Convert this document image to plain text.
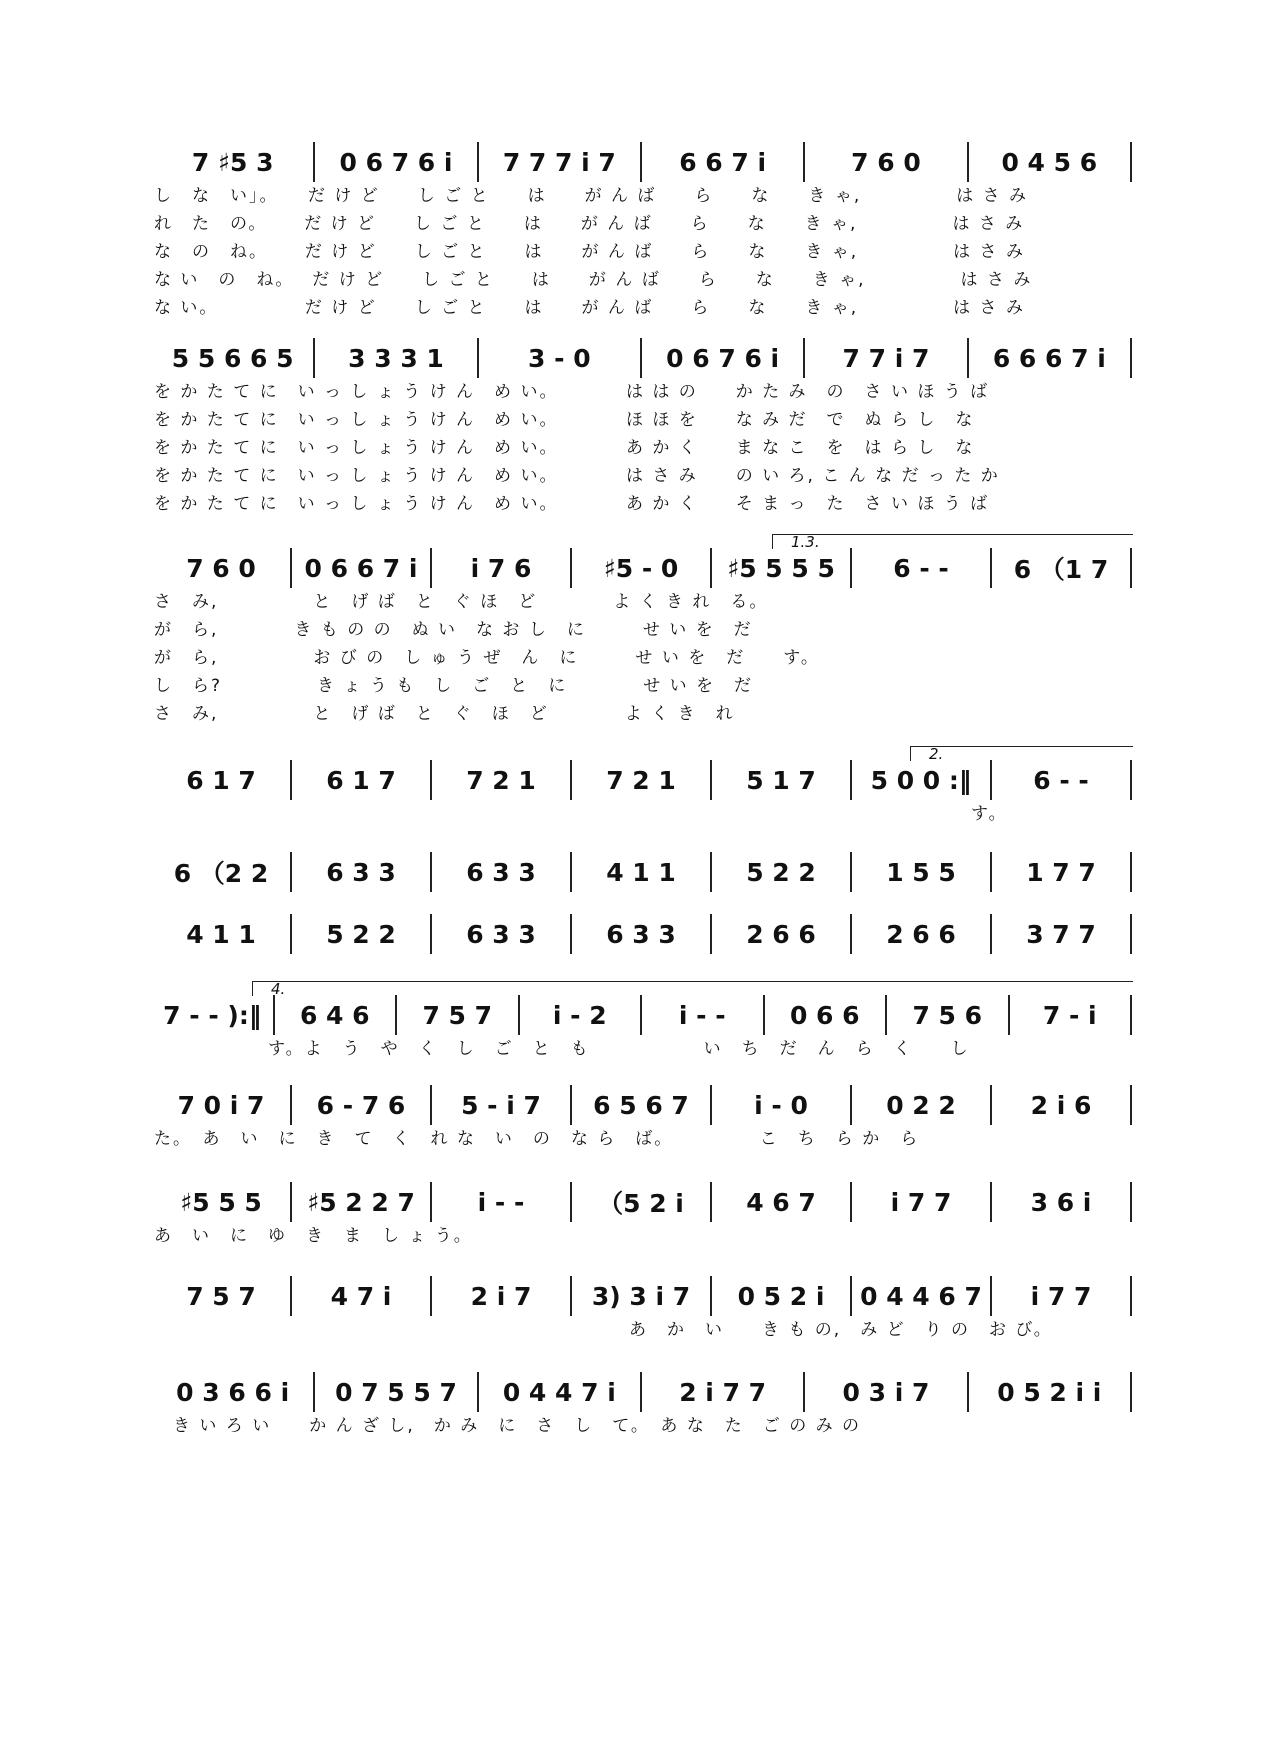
7 ♯5 3	0 6 7 6 i	7 7 7 i 7	6 6 7 i	7 6 0	0 4 5 6
し　な　い」。　　だ け ど　　し ご と　　は　　が ん ば　　ら　　な　　き ゃ,　　　　　は さ み
れ　た　の。　　 だ け ど　　し ご と　　は　　が ん ば　　ら　　な　　き ゃ,　　　　　は さ み
な　の　ね。　　 だ け ど　　し ご と　　は　　が ん ば　　ら　　な　　き ゃ,　　　　　は さ み
な い　の　ね。　 だ け ど　　し ご と　　は　　が ん ば　　ら　　な　　き ゃ,　　　　　は さ み
な い。　　　　　だ け ど　　し ご と　　は　　が ん ば　　ら　　な　　き ゃ,　　　　　は さ み
5 5 6 6 5	3 3 3 1	3 - 0	0 6 7 6 i	7 7 i 7	6 6 6 7 i
を か た て に　い っ し ょ う け ん　め い。　　　　は は の　　か た み　の　さ い ほ う ば
を か た て に　い っ し ょ う け ん　め い。　　　　ほ ほ を　　な み だ　で　ぬ ら し　な
を か た て に　い っ し ょ う け ん　め い。　　　　あ か く　　ま な こ　を　は ら し　な
を か た て に　い っ し ょ う け ん　め い。　　　　は さ み　　の い ろ, こ ん な だ っ た か
を か た て に　い っ し ょ う け ん　め い。　　　　あ か く　　そ ま っ　た　さ い ほ う ば
1.3.
7 6 0	0 6 6 7 i	i 7 6	♯5 - 0	♯5 5 5 5	6 - -	6 （1 7
さ　み,　　　　　と　げ ば　と　ぐ ほ　ど　　　　よ く き れ　る。
が　ら,　　　　き も の の　ぬ い　な お し　に　　　せ い を　だ
が　ら,　　　　　お び の　し ゅ う ぜ　ん　に　　　せ い を　だ　　す。
し　ら?　　　　　き ょ う も　し　ご　と　に　　　　せ い を　だ
さ　み,　　　　　と　げ ば　と　ぐ　ほ　ど　　　　よ く き　れ
2.
6 1 7	6 1 7	7 2 1	7 2 1	5 1 7	5 0 0 :‖	6 - -
　　　　　　　　　　　　　　　　　　　　　　　　　　　　　　　　　　　　　　　　　　　す。
6 （2 2	6 3 3	6 3 3	4 1 1	5 2 2	1 5 5	1 7 7
4 1 1	5 2 2	6 3 3	6 3 3	2 6 6	2 6 6	3 7 7
4.
7 - - ):‖	6 4 6	7 5 7	i - 2	i - -	0 6 6	7 5 6	7 - i
　　　　　　す。よ　う　や　く　し　ご　と　も　　　　　　い　ち　だ　ん　ら　く　　し
7 0 i 7	6 - 7 6	5 - i 7	6 5 6 7	i - 0	0 2 2	2 i 6
た。　あ　い　に　き　て　く　れ な　い　の　な ら　ば。　　　　　こ　ち　ら か　ら
♯5 5 5	♯5 2 2 7	i - -	（5 2 i	4 6 7	i 7 7	3 6 i
あ　い　に　ゆ　き　ま　し ょ う。
7 5 7	4 7 i	2 i 7	3) 3 i 7	0 5 2 i	0 4 4 6 7	i 7 7
　　　　　　　　　　　　　　　　　　　　　　　　　あ　か　い　　き も の,　み ど　り の　お び。
0 3 6 6 i	0 7 5 5 7	0 4 4 7 i	2 i 7 7	0 3 i 7	0 5 2 i i
　き い ろ い　　か ん ざ し,　か み　に　さ　し　て。　あ な　た　ご の み の
